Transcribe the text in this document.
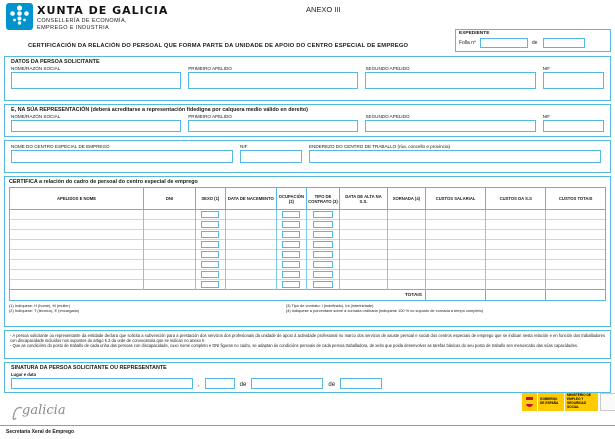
XUNTA DE GALICIA
CONSELLERÍA DE ECONOMÍA,
EMPREGO E INDUSTRIA
ANEXO III
EXPEDIENTE
Folla nº	de
CERTIFICACIÓN DA RELACIÓN DO PERSOAL QUE FORMA PARTE DA UNIDADE DE APOIO DO CENTRO ESPECIAL DE EMPREGO
DATOS DA PERSOA SOLICITANTE
NOME/RAZÓN SOCIAL	PRIMEIRO APELIDO	SEGUNDO APELIDO	NIF
E, NA SÚA REPRESENTACIÓN (deberá acreditarse a representación fidedigna por calquera medio válido en dereito)
NOME/RAZÓN SOCIAL	PRIMEIRO APELIDO	SEGUNDO APELIDO	NIF
NOME DO CENTRO ESPECIAL DE EMPREGO	NIF	ENDEREZO DO CENTRO DE TRABALLO (rúa, concello e provincia)
CERTIFICA a relación do cadro de persoal do centro especial de emprego
APELIDOS E NOME	DNI	SEXO (1)	DATA DE NACEMENTO	OCUPACIÓN (2)	TIPO DE CONTRATO (3)	DATA DE ALTA NA S.S.	XORNADA (4)	CUSTOS SALARIAL	CUSTOS DA S.S	CUSTOS TOTAIS

TOTAIS										
(1) Indíquese: H (home), M (muller)
(2) Indíquese: T (técnico), E (encargado)
(3) Tipo de contrato: I (indefinido), Int (interinidade)
(4) Indíquese a porcentaxe sobre a xornada ordinaria (indíquese 100 % no suposto de xornada a tempo completo)
- A persoa solicitante ou representante da entidade declara que solicita a subvención para a prestación dos servizos dos profesionais da unidade de apoio á actividade profesional no marco dos servizos de axuste persoal e social dos centros especiais de emprego que se indican nesta relación e en función dos traballadores con discapacidade incluídos nos supostos do artigo 5.3 da orde de convocatoria que se indican no anexo II.
- Que as condicións do posto de traballo de cada unha das persoas con discapacidade, cuxo nome completo e DNI figuran no cadro, se adaptan ás condicións persoais de cada persoa traballadora, de xeito que poida desenvolver as tarefas básicas do seu posto de traballo sen menoscabo das súas capacidades.
SINATURA DA PERSOA SOLICITANTE OU REPRESENTANTE
Lugar e data
,	de	de
galicia
GOBIERNO
DE ESPAÑA
MINISTERIO DE EMPLEO Y SEGURIDAD SOCIAL
Secretaría Xeral de Emprego
